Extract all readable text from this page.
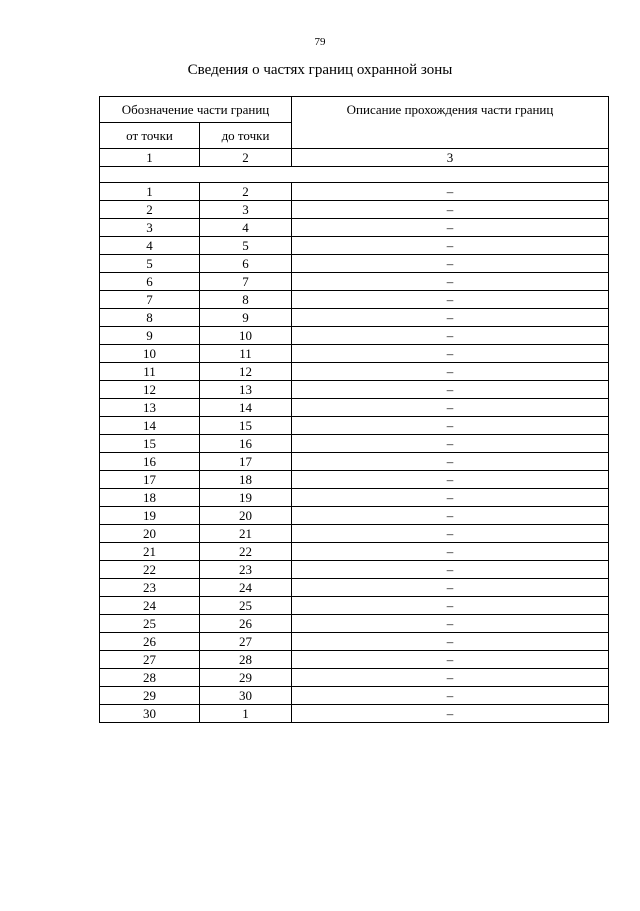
79
Сведения о частях границ охранной зоны
Обозначение части границ		Описание прохождения части границ
от точки	до точки	
1	2	3

1	2	–
2	3	–
3	4	–
4	5	–
5	6	–
6	7	–
7	8	–
8	9	–
9	10	–
10	11	–
11	12	–
12	13	–
13	14	–
14	15	–
15	16	–
16	17	–
17	18	–
18	19	–
19	20	–
20	21	–
21	22	–
22	23	–
23	24	–
24	25	–
25	26	–
26	27	–
27	28	–
28	29	–
29	30	–
30	1	–
